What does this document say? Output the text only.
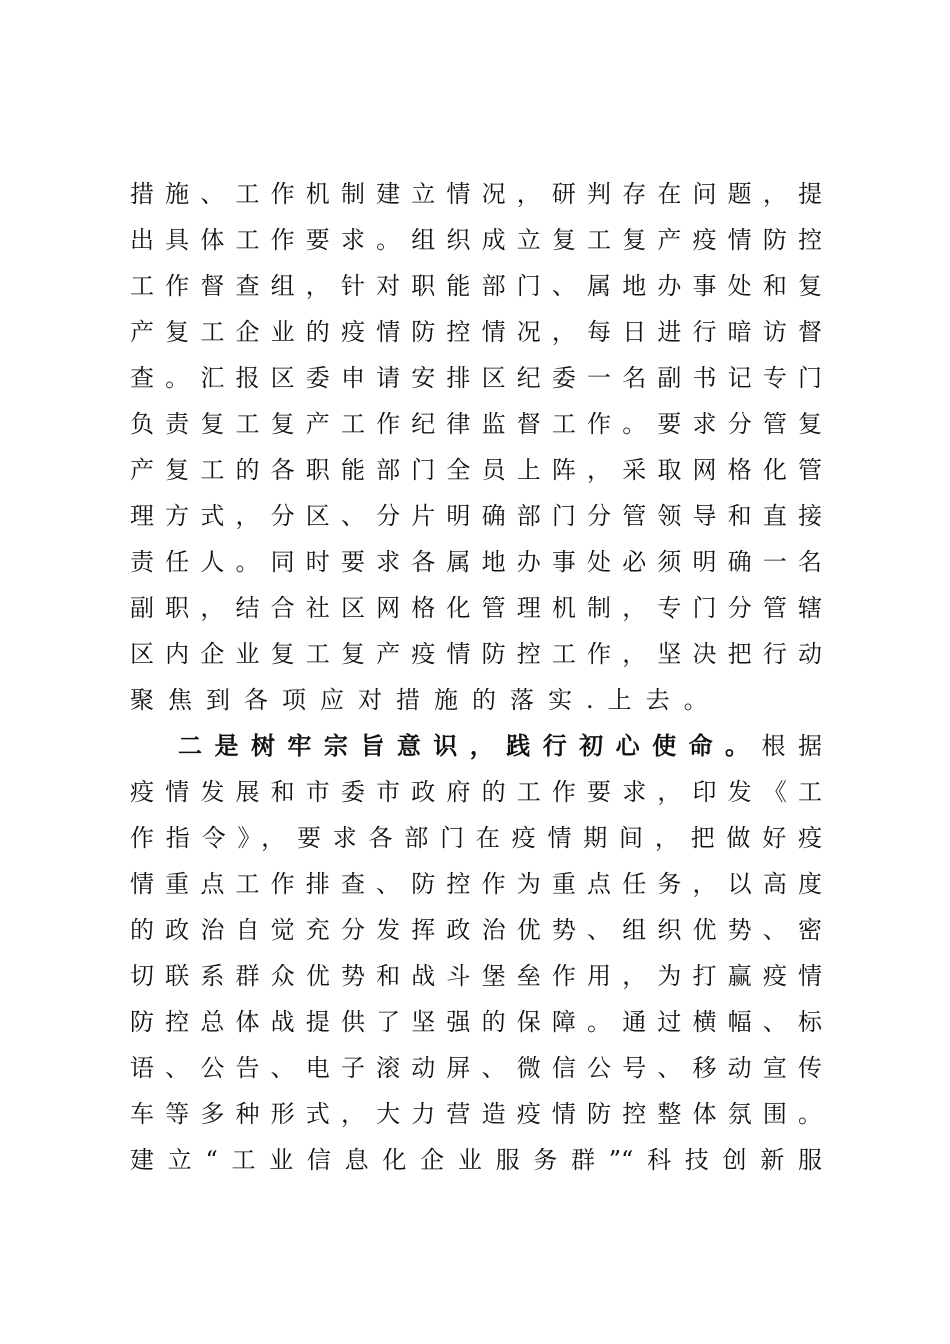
措施、工作机制建立情况，研判存在问题，提
出具体工作要求。组织成立复工复产疫情防控
工作督查组，针对职能部门、属地办事处和复
产复工企业的疫情防控情况，每日进行暗访督
查。汇报区委申请安排区纪委一名副书记专门
负责复工复产工作纪律监督工作。要求分管复
产复工的各职能部门全员上阵，采取网格化管
理方式，分区、分片明确部门分管领导和直接
责任人。同时要求各属地办事处必须明确一名
副职，结合社区网格化管理机制，专门分管辖
区内企业复工复产疫情防控工作，坚决把行动
聚焦到各项应对措施的落实.上去。
二是树牢宗旨意识，践行初心使命。根据
疫情发展和市委市政府的工作要求，印发《工
作指令》，要求各部门在疫情期间，把做好疫
情重点工作排查、防控作为重点任务，以高度
的政治自觉充分发挥政治优势、组织优势、密
切联系群众优势和战斗堡垒作用，为打赢疫情
防控总体战提供了坚强的保障。通过横幅、标
语、公告、电子滚动屏、微信公号、移动宣传
车等多种形式，大力营造疫情防控整体氛围。
建立“工业信息化企业服务群”“科技创新服
